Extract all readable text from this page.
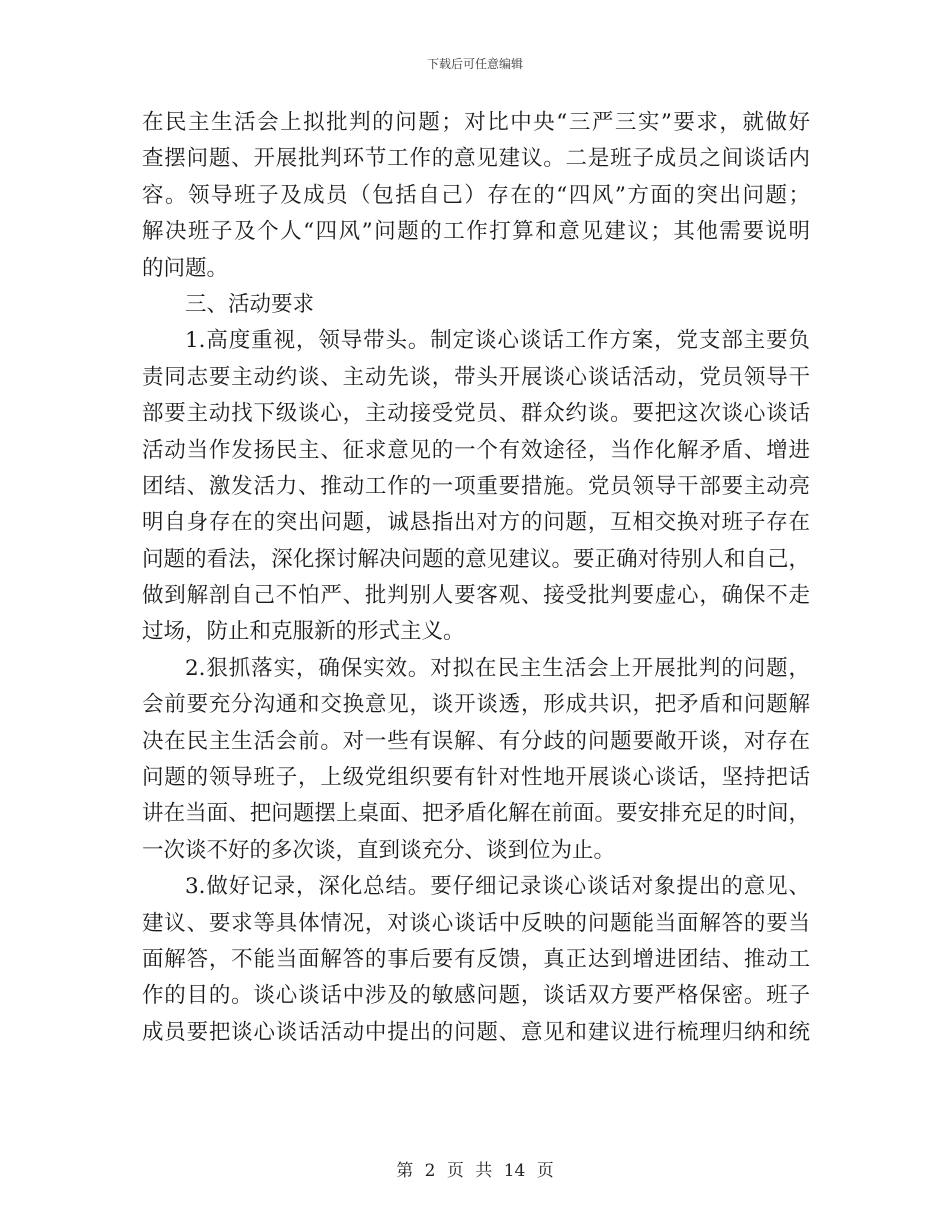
下载后可任意编辑
在民主生活会上拟批判的问题；对比中央“三严三实”要求，就做好
查摆问题、开展批判环节工作的意见建议。二是班子成员之间谈话内
容。领导班子及成员（包括自己）存在的“四风”方面的突出问题；
解决班子及个人“四风”问题的工作打算和意见建议；其他需要说明
的问题。
三、活动要求
1.高度重视，领导带头。制定谈心谈话工作方案，党支部主要负
责同志要主动约谈、主动先谈，带头开展谈心谈话活动，党员领导干
部要主动找下级谈心，主动接受党员、群众约谈。要把这次谈心谈话
活动当作发扬民主、征求意见的一个有效途径，当作化解矛盾、增进
团结、激发活力、推动工作的一项重要措施。党员领导干部要主动亮
明自身存在的突出问题，诚恳指出对方的问题，互相交换对班子存在
问题的看法，深化探讨解决问题的意见建议。要正确对待别人和自己，
做到解剖自己不怕严、批判别人要客观、接受批判要虚心，确保不走
过场，防止和克服新的形式主义。
2.狠抓落实，确保实效。对拟在民主生活会上开展批判的问题，
会前要充分沟通和交换意见，谈开谈透，形成共识，把矛盾和问题解
决在民主生活会前。对一些有误解、有分歧的问题要敞开谈，对存在
问题的领导班子，上级党组织要有针对性地开展谈心谈话，坚持把话
讲在当面、把问题摆上桌面、把矛盾化解在前面。要安排充足的时间，
一次谈不好的多次谈，直到谈充分、谈到位为止。
3.做好记录，深化总结。要仔细记录谈心谈话对象提出的意见、
建议、要求等具体情况，对谈心谈话中反映的问题能当面解答的要当
面解答，不能当面解答的事后要有反馈，真正达到增进团结、推动工
作的目的。谈心谈话中涉及的敏感问题，谈话双方要严格保密。班子
成员要把谈心谈话活动中提出的问题、意见和建议进行梳理归纳和统
第 2 页 共 14 页
